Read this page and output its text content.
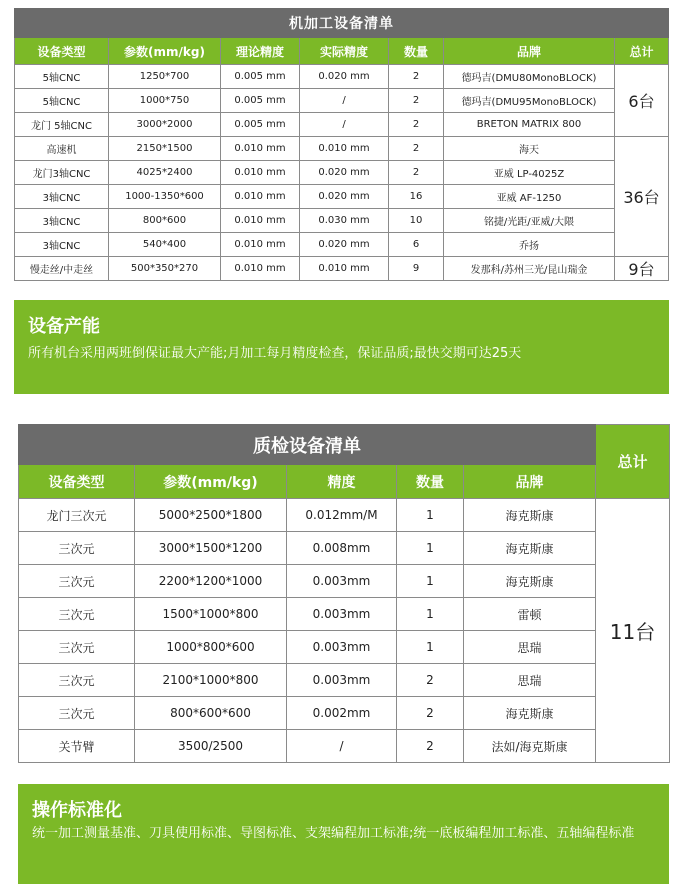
机加工设备清单						
设备类型	参数(mm/kg)	理论精度	实际精度	数量	品牌	总计
5轴CNC	1250*700	0.005 mm	0.020 mm	2	德玛吉(DMU80MonoBLOCK)	6台
5轴CNC	1000*750	0.005 mm	/	2	德玛吉(DMU95MonoBLOCK)	
龙门 5轴CNC	3000*2000	0.005 mm	/	2	BRETON MATRIX 800	
高速机	2150*1500	0.010 mm	0.010 mm	2	海天	36台
龙门3轴CNC	4025*2400	0.010 mm	0.020 mm	2	亚威 LP-4025Z	
3轴CNC	1000-1350*600	0.010 mm	0.020 mm	16	亚威 AF-1250	
3轴CNC	800*600	0.010 mm	0.030 mm	10	铭捷/光距/亚威/大隈	
3轴CNC	540*400	0.010 mm	0.020 mm	6	乔扬	
慢走丝/中走丝	500*350*270	0.010 mm	0.010 mm	9	发那科/苏州三光/昆山瑞金	9台
设备产能
所有机台采用两班倒保证最大产能;月加工每月精度检查，保证品质;最快交期可达25天
质检设备清单					总计
设备类型	参数(mm/kg)	精度	数量	品牌	
龙门三次元	5000*2500*1800	0.012mm/M	1	海克斯康	11台
三次元	3000*1500*1200	0.008mm	1	海克斯康	
三次元	2200*1200*1000	0.003mm	1	海克斯康	
三次元	1500*1000*800	0.003mm	1	雷顿	
三次元	1000*800*600	0.003mm	1	思瑞	
三次元	2100*1000*800	0.003mm	2	思瑞	
三次元	800*600*600	0.002mm	2	海克斯康	
关节臂	3500/2500	/	2	法如/海克斯康	
操作标准化
统一加工测量基准、刀具使用标准、导图标准、支架编程加工标准;统一底板编程加工标准、五轴编程标准
